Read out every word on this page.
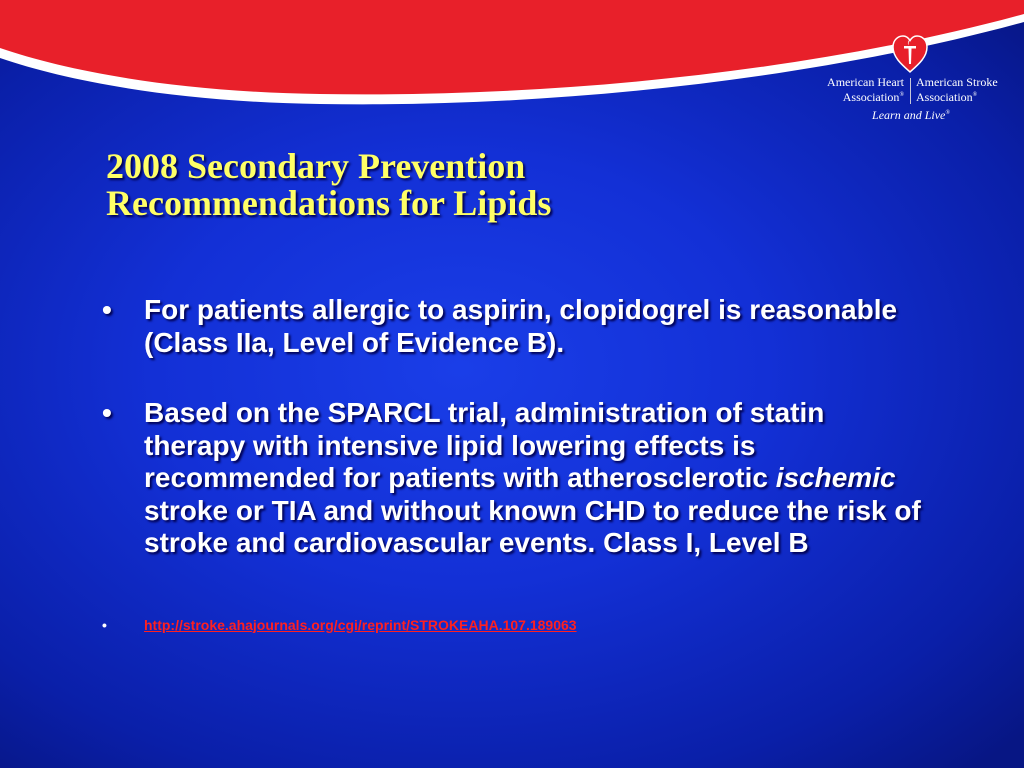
American Heart
Association®
American Stroke
Association®
Learn and Live®
2008 Secondary Prevention
Recommendations for Lipids
• For patients allergic to aspirin, clopidogrel is reasonable (Class IIa, Level of Evidence B).
• Based on the SPARCL trial, administration of statin therapy with intensive lipid lowering effects is recommended for patients with atherosclerotic ischemic stroke or TIA and without known CHD to reduce the risk of stroke and cardiovascular events. Class I, Level B
•	http://stroke.ahajournals.org/cgi/reprint/STROKEAHA.107.189063
